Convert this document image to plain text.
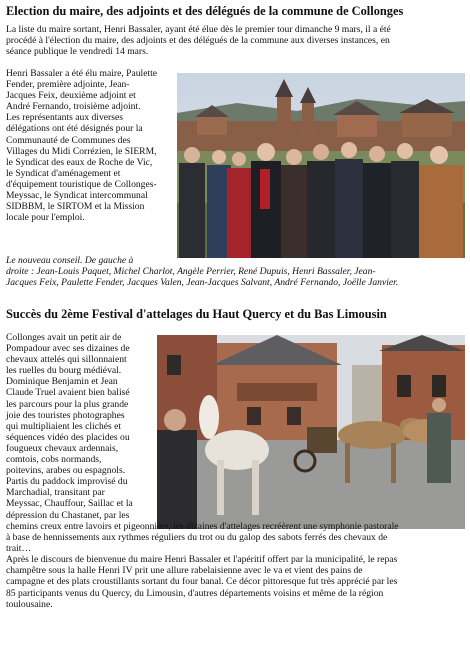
Election du maire, des adjoints et des délégués de la commune de Collonges
La liste du maire sortant, Henri Bassaler, ayant été élue dès le premier tour dimanche 9 mars, il a été
procédé à l'élection du maire, des adjoints et des délégués de la commune aux diverses instances, en
séance publique le vendredi 14 mars.
Henri Bassaler a été élu maire, Paulette
Fender, première adjointe, Jean-
Jacques Feix, deuxième adjoint et
André Fernando, troisième adjoint.
Les représentants aux diverses
délégations ont été désignés pour la
Communauté de Communes des
Villages du Midi Corrézien, le SIERM,
le Syndicat des eaux de Roche de Vic,
le Syndicat d'aménagement et
d'équipement touristique de Collonges-
Meyssac, le Syndicat intercommunal
SIDBBM, le SIRTOM et la Mission
locale pour l'emploi.
Le nouveau conseil. De gauche à
droite : Jean-Louis Paquet, Michel Charlot, Angèle Perrier, René Dupuis, Henri Bassaler, Jean-
Jacques Feix, Paulette Fender, Jacques Valen, Jean-Jacques Salvant, André Fernando, Joëlle Janvier.
Succès du 2ème Festival d'attelages du Haut Quercy et du Bas Limousin
Collonges avait un petit air de
Pompadour avec ses dizaines de
chevaux attelés qui sillonnaient
les ruelles du bourg médiéval.
Dominique Benjamin et Jean
Claude Truel avaient bien balisé
les parcours pour la plus grande
joie des touristes photographes
qui multipliaient les clichés et
séquences vidéo des placides ou
fougueux chevaux ardennais,
comtois, cobs normands,
poitevins, arabes ou espagnols.
Partis du paddock improvisé du
Marchadial, transitant par
Meyssac, Chauffour, Saillac et la
dépression du Chastanet, par les
chemins creux entre lavoirs et pigeonniers, les dizaines d'attelages recréèrent une symphonie pastorale
à base de hennissements aux rythmes réguliers du trot ou du galop des sabots ferrés des chevaux de
trait…
Après le discours de bienvenue du maire Henri Bassaler et l'apéritif offert par la municipalité, le repas
champêtre sous la halle Henri IV prit une allure rabelaisienne avec le va et vient des pains de
campagne et des plats croustillants sortant du four banal. Ce décor pittoresque fut très apprécié par les
85 participants venus du Quercy, du Limousin, d'autres départements voisins et même de la région
toulousaine.
